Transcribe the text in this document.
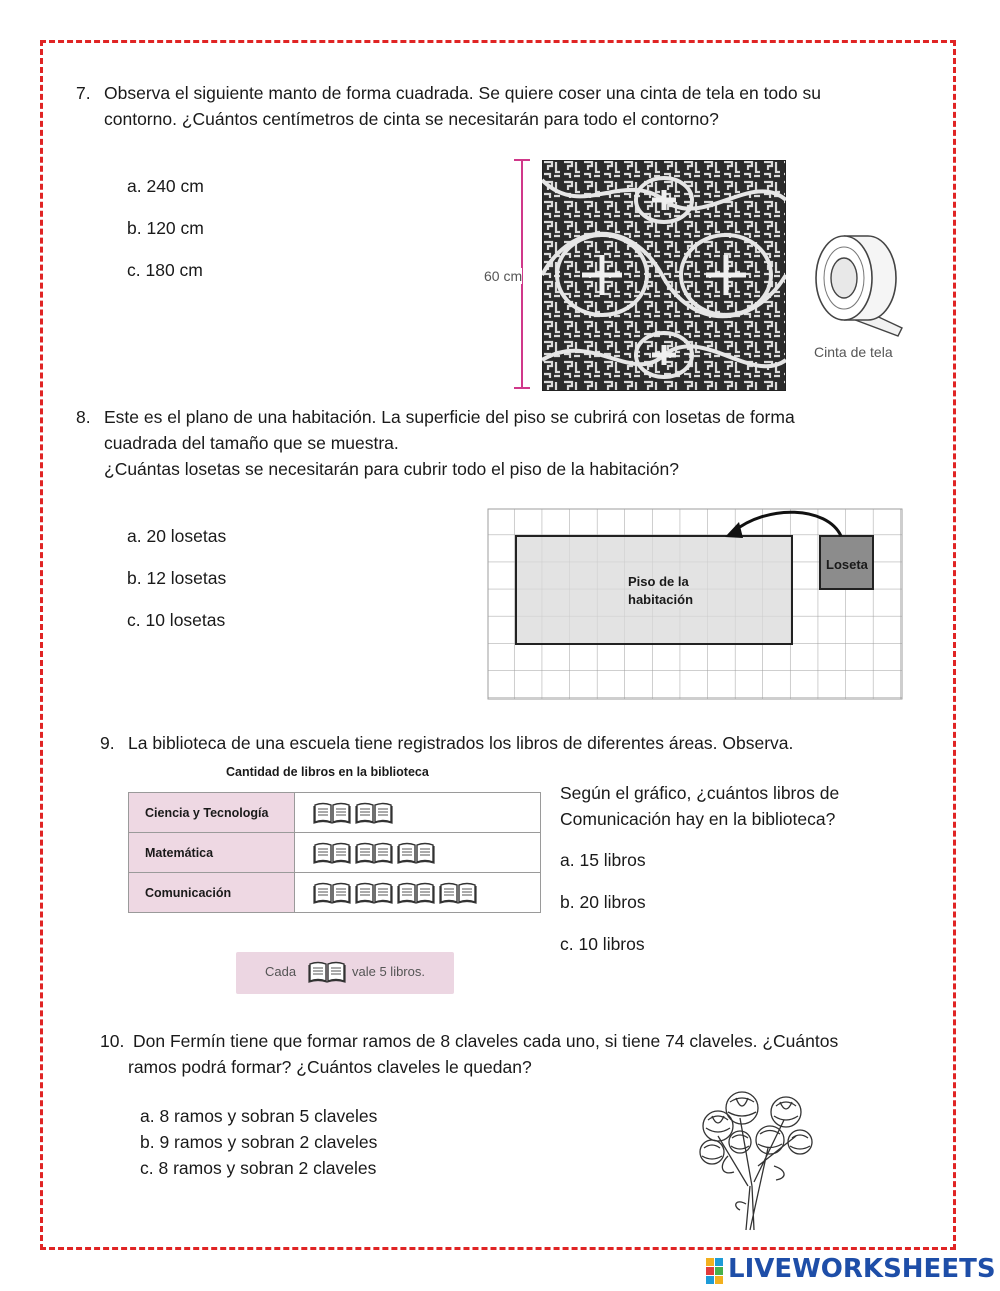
7. Observa el siguiente manto de forma cuadrada. Se quiere coser una cinta de tela en todo su
contorno. ¿Cuántos centímetros de cinta se necesitarán para todo el contorno?
a. 240 cm
b. 120 cm
c. 180 cm	60 cm
Cinta de tela
8. Este es el plano de una habitación. La superficie del piso se cubrirá con losetas de forma
cuadrada del tamaño que se muestra.
¿Cuántas losetas se necesitarán para cubrir todo el piso de la habitación?
a. 20 losetas
b. 12 losetas
c. 10 losetas
Piso de la
habitación
Loseta
9. La biblioteca de una escuela tiene registrados los libros de diferentes áreas. Observa.
Cantidad de libros en la biblioteca
Ciencia y Tecnología	
Matemática	
Comunicación	
Cada	vale 5 libros.
Según el gráfico, ¿cuántos libros de
Comunicación hay en la biblioteca?
a. 15 libros
b. 20 libros
c. 10 libros
10. Don Fermín tiene que formar ramos de 8 claveles cada uno, si tiene 74 claveles. ¿Cuántos
ramos podrá formar? ¿Cuántos claveles le quedan?
a. 8 ramos y sobran 5 claveles
b. 9 ramos y sobran 2 claveles
c. 8 ramos y sobran 2 claveles
LIVEWORKSHEETS
